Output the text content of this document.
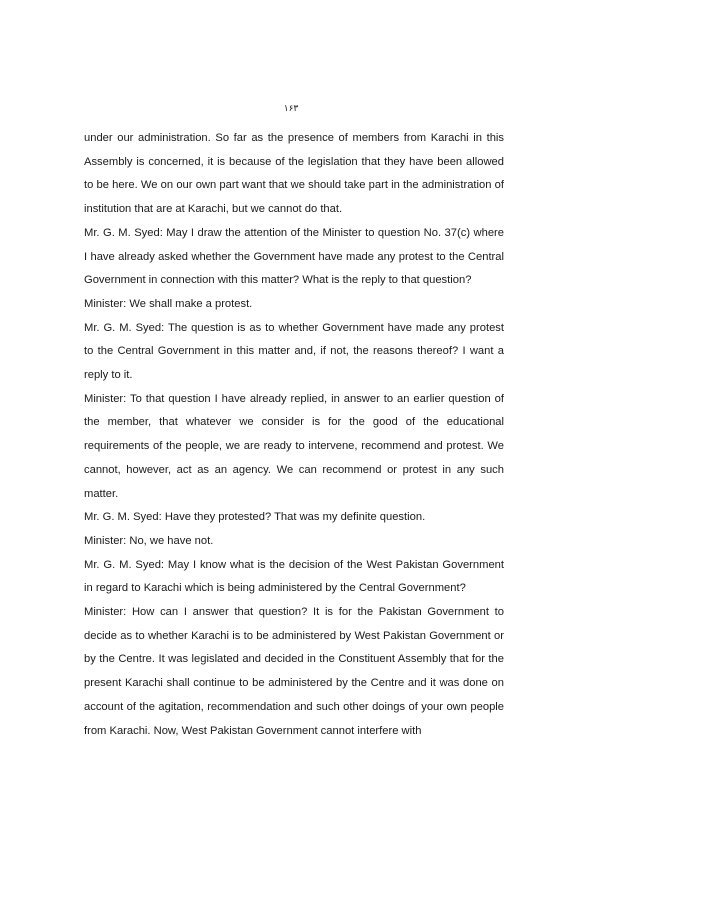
۱۶۳

under our administration. So far as the presence of members from Karachi in this Assembly is concerned, it is because of the legislation that they have been allowed to be here. We on our own part want that we should take part in the administration of institution that are at Karachi, but we cannot do that.

Mr. G. M. Syed: May I draw the attention of the Minister to question No. 37(c) where I have already asked whether the Government have made any protest to the Central Government in connection with this matter? What is the reply to that question?

Minister: We shall make a protest.

Mr. G. M. Syed: The question is as to whether Government have made any protest to the Central Government in this matter and, if not, the reasons thereof? I want a reply to it.

Minister: To that question I have already replied, in answer to an earlier question of the member, that whatever we consider is for the good of the educational requirements of the people, we are ready to intervene, recommend and protest. We cannot, however, act as an agency. We can recommend or protest in any such matter.

Mr. G. M. Syed: Have they protested? That was my definite question.

Minister: No, we have not.

Mr. G. M. Syed: May I know what is the decision of the West Pakistan Government in regard to Karachi which is being administered by the Central Government?

Minister: How can I answer that question? It is for the Pakistan Government to decide as to whether Karachi is to be administered by West Pakistan Government or by the Centre. It was legislated and decided in the Constituent Assembly that for the present Karachi shall continue to be administered by the Centre and it was done on account of the agitation, recommendation and such other doings of your own people from Karachi. Now, West Pakistan Government cannot interfere with
